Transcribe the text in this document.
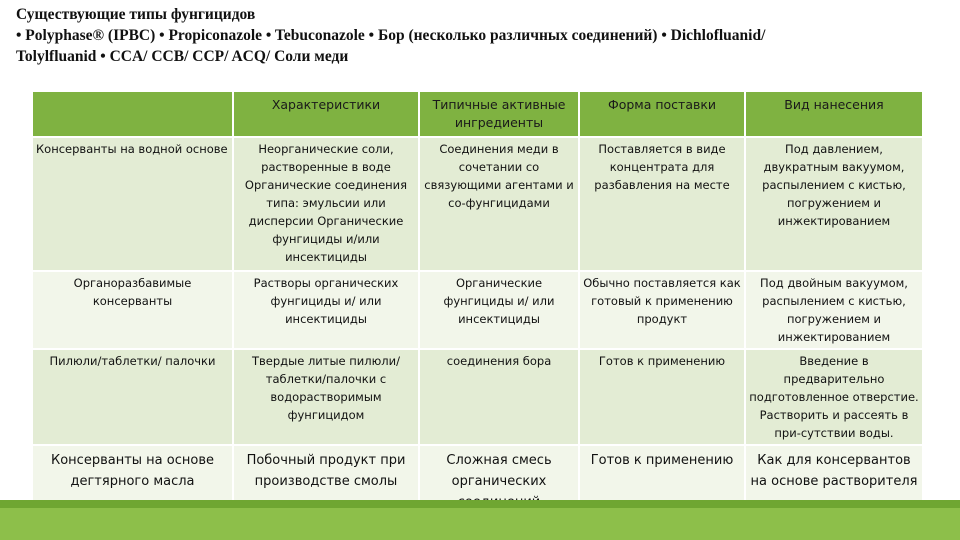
Существующие типы фунгицидов
• Polyphase® (IPBC) • Propiconazole • Tebuconazole • Бор (несколько различных соединений) • Dichlofluanid/
Tolylfluanid • CCA/ CCB/ CCP/ ACQ/ Соли меди
	Характеристики	Типичные активные ингредиенты	Форма поставки	Вид нанесения
Консерванты на водной основе	Неорганические соли, растворенные в воде Органические соединения типа: эмульсии или дисперсии Органические фунгициды и/или инсектициды	Соединения меди в сочетании со связующими агентами и со-фунгицидами	Поставляется в виде концентрата для разбавления на месте	Под давлением, двукратным вакуумом, распылением с кистью, погружением и инжектированием
Органоразбавимые консерванты	Растворы органических фунгициды и/ или инсектициды	Органические фунгициды и/ или инсектициды	Обычно поставляется как готовый к применению продукт	Под двойным вакуумом, распылением с кистью, погружением и инжектированием
Пилюли/таблетки/ палочки	Твердые литые пилюли/ таблетки/палочки с водорастворимым фунгицидом	соединения бора	Готов к применению	Введение в предварительно подготовленное отверстие. Растворить и рассеять в при-сутствии воды.
Консерванты на основе дегтярного масла	Побочный продукт при производстве смолы	Сложная смесь органических	Готов к применению	Как для консервантов на основе растворителя
